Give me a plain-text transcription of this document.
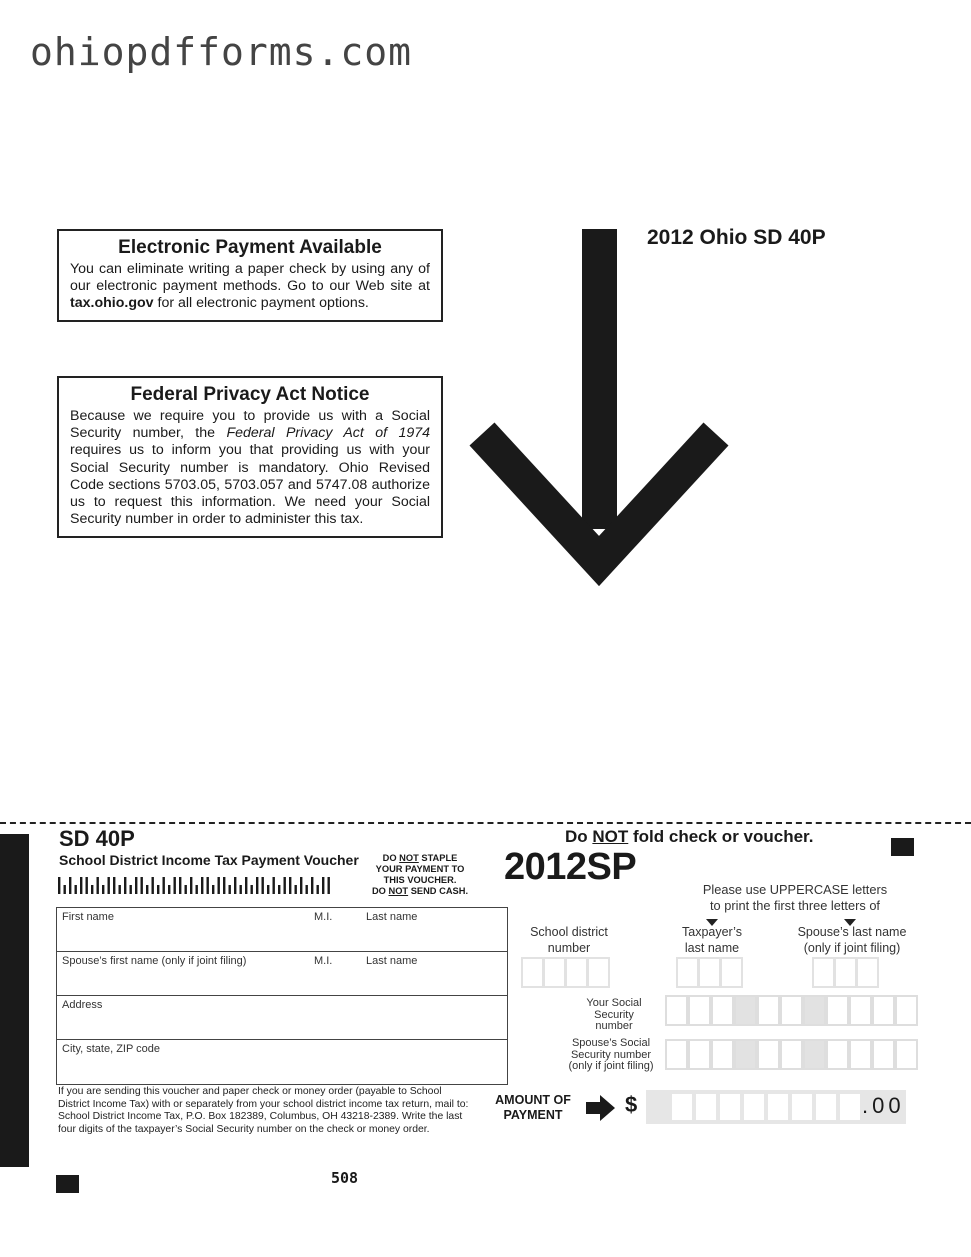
ohiopdfforms.com
Electronic Payment Available

You can eliminate writing a paper check by using any of our electronic payment methods. Go to our Web site at tax.ohio.gov for all electronic payment options.

Federal Privacy Act Notice

Because we require you to provide us with a Social Security number, the Federal Privacy Act of 1974 requires us to inform you that providing us with your Social Security number is mandatory. Ohio Revised Code sections 5703.05, 5703.057 and 5747.08 authorize us to request this information. We need your Social Security number in order to administer this tax.

2012 Ohio SD 40P
SD 40P
School District Income Tax Payment Voucher	DO NOT STAPLE
YOUR PAYMENT TO
THIS VOUCHER.
DO NOT SEND CASH.
Do NOT fold check or voucher.
2012SP
Please use UPPERCASE letters
to print the first three letters of
First name	M.I.	Last name
Spouse’s first name (only if joint filing)	M.I.	Last name
Address
City, state, ZIP code
If you are sending this voucher and paper check or money order (payable to School District Income Tax) with or separately from your school district income tax return, mail to: School District Income Tax, P.O. Box 182389, Columbus, OH 43218-2389. Write the last four digits of the taxpayer’s Social Security number on the check or money order.
School district
number
Taxpayer’s
last name
Spouse’s last name
(only if joint filing)
Your Social
Security
number
Spouse’s Social
Security number
(only if joint filing)
AMOUNT OF
PAYMENT	$	.00
508
